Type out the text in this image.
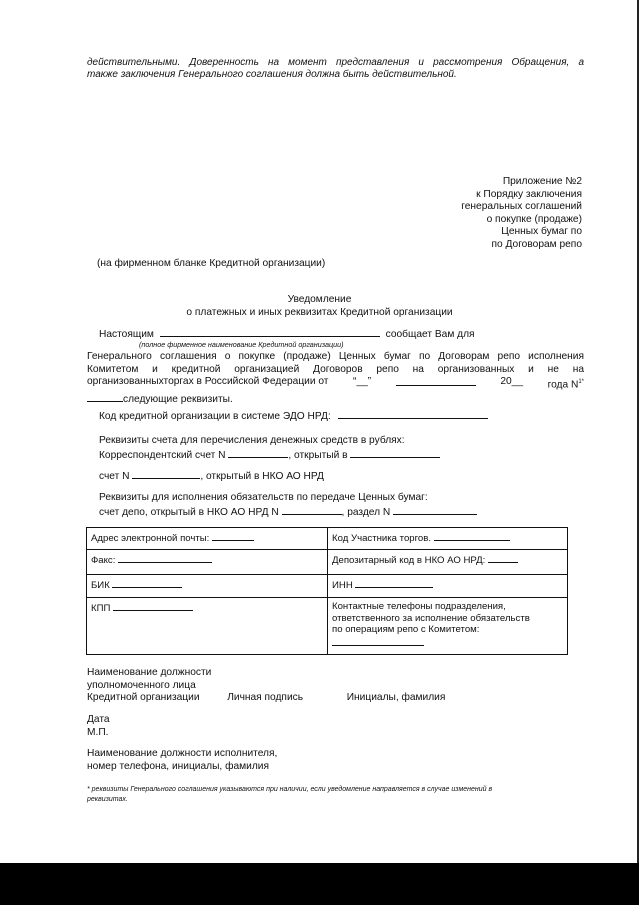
действительными. Доверенность на момент представления и рассмотрения Обращения, а
также заключения Генерального соглашения должна быть действительной.
Приложение №2
к Порядку заключения
генеральных соглашений
о покупке (продаже)
Ценных бумаг по
по Договорам репо
(на фирменном бланке Кредитной организации)
Уведомление
о платежных и иных реквизитах Кредитной организации
Настоящим	сообщает Вам для
(полное фирменное наименование Кредитной организации)
Генерального соглашения о покупке (продаже) Ценных бумаг по Договорам репо исполнения
Комитетом и кредитной организацией Договоров репо на организованных и не на
организованныхторгах в Российской Федерации от “__”	20__ года $N^{1*}$
следующие реквизиты.
Код кредитной организации в системе ЭДО НРД:
Реквизиты счета для перечисления денежных средств в рублях:
Корреспондентский счет N	, открытый в
счет N	, открытый в НКО АО НРД
Реквизиты для исполнения обязательств по передаче Ценных бумаг:
счет депо, открытый в НКО АО НРД N	, раздел N
Адрес электронной почты:	Код Участника торгов.
Факс:	Депозитарный код в НКО АО НРД:
БИК	ИНН
КПП	Контактные телефоны подразделения,
ответственного за исполнение обязательств
по операциям репо с Комитетом:
Наименование должности
уполномоченного лица
Кредитной организации	Личная подпись	Инициалы, фамилия
Дата
М.П.
Наименование должности исполнителя,
номер телефона, инициалы, фамилия
* реквизиты Генерального соглашения указываются при наличии, если уведомление направляется в случае изменений в
реквизитах.
